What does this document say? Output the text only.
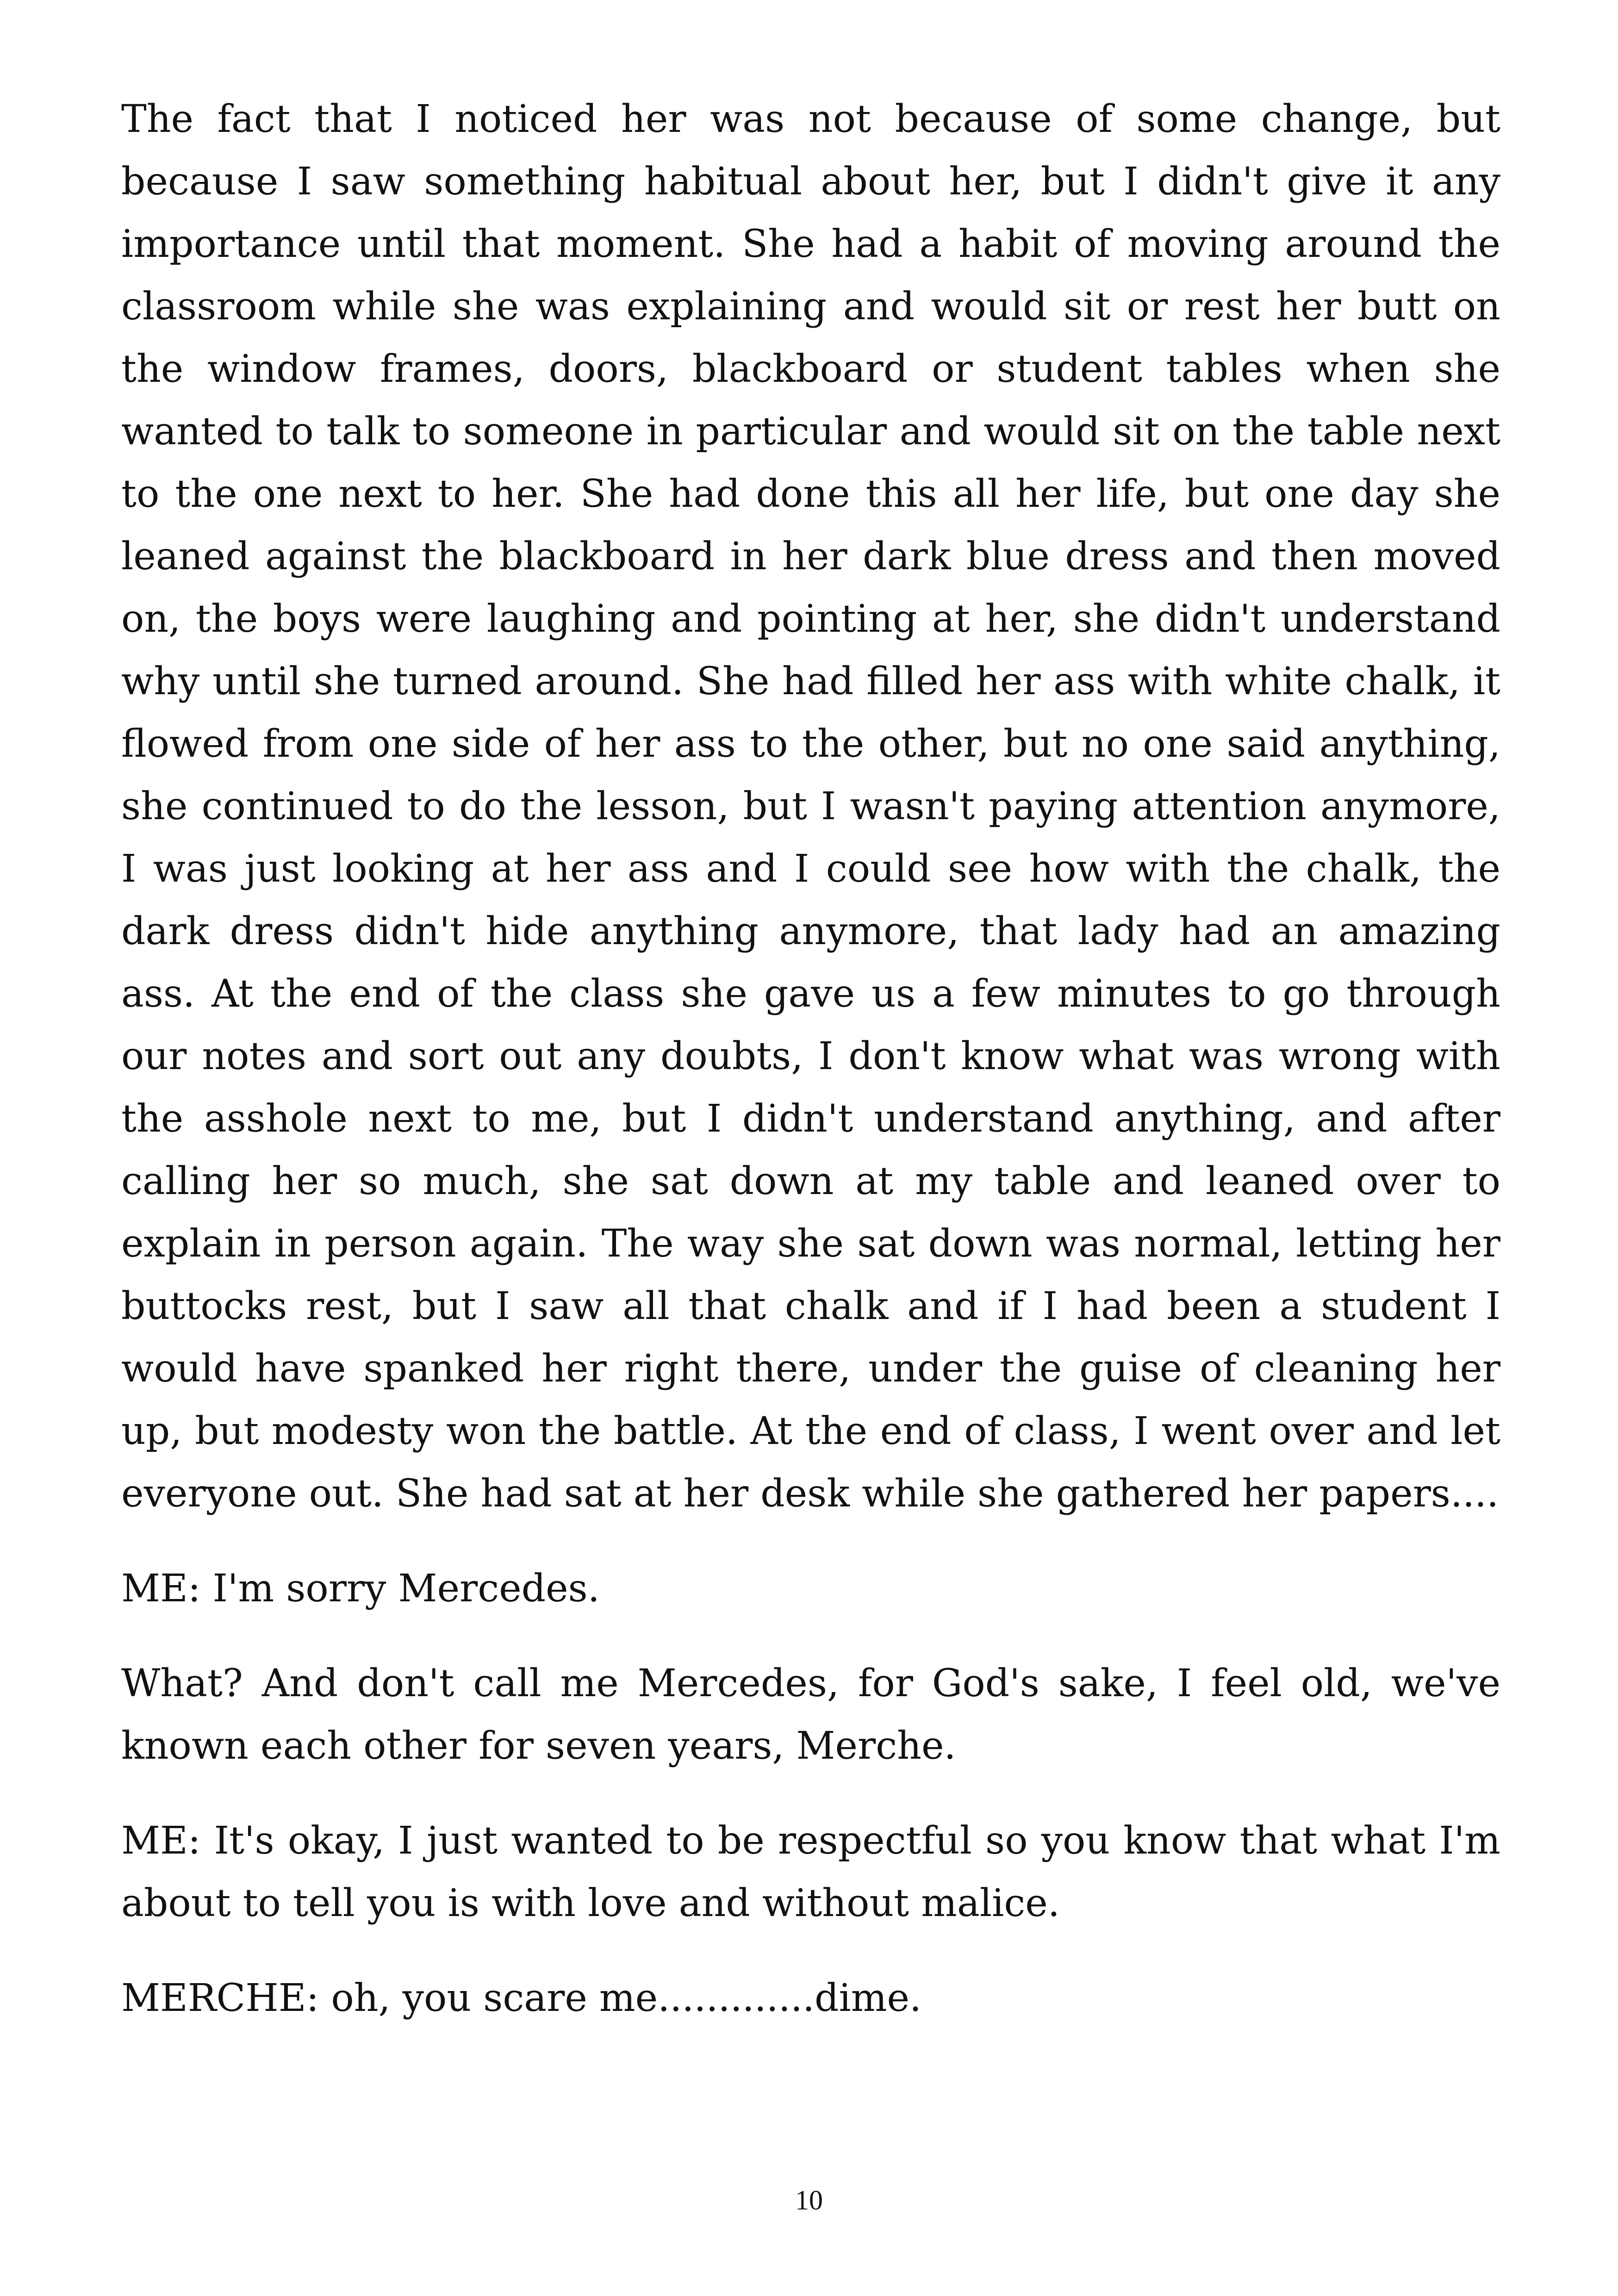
The fact that I noticed her was not because of some change, but because I saw something habitual about her, but I didn't give it any importance until that moment. She had a habit of moving around the classroom while she was explaining and would sit or rest her butt on the window frames, doors, blackboard or student tables when she wanted to talk to someone in particular and would sit on the table next to the one next to her. She had done this all her life, but one day she leaned against the blackboard in her dark blue dress and then moved on, the boys were laughing and pointing at her, she didn't understand why until she turned around. She had filled her ass with white chalk, it flowed from one side of her ass to the other, but no one said anything, she continued to do the lesson, but I wasn't paying attention anymore, I was just looking at her ass and I could see how with the chalk, the dark dress didn't hide anything anymore, that lady had an amazing ass. At the end of the class she gave us a few minutes to go through our notes and sort out any doubts, I don't know what was wrong with the asshole next to me, but I didn't understand anything, and after calling her so much, she sat down at my table and leaned over to explain in person again. The way she sat down was normal, letting her buttocks rest, but I saw all that chalk and if I had been a student I would have spanked her right there, under the guise of cleaning her up, but modesty won the battle. At the end of class, I went over and let everyone out. She had sat at her desk while she gathered her papers....

ME: I'm sorry Mercedes.

What? And don't call me Mercedes, for God's sake, I feel old, we've known each other for seven years, Merche.

ME: It's okay, I just wanted to be respectful so you know that what I'm about to tell you is with love and without malice.

MERCHE: oh, you scare me.............dime.

10
